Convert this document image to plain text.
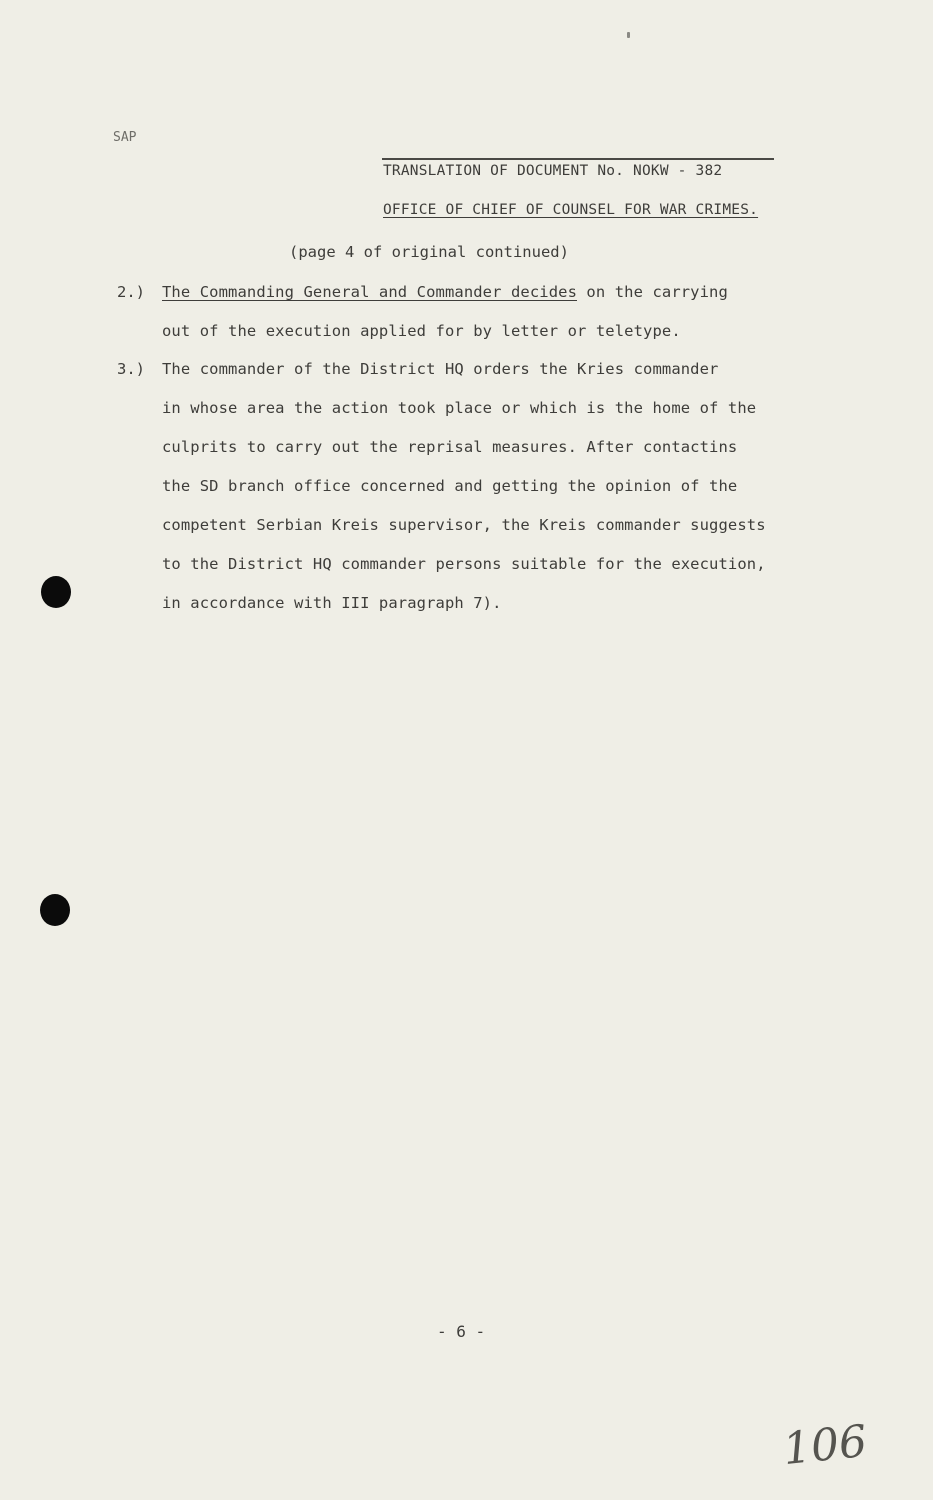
SAP
TRANSLATION OF DOCUMENT No. NOKW - 382
OFFICE OF CHIEF OF COUNSEL FOR WAR CRIMES.
(page 4 of original continued)
2.) The Commanding General and Commander decides on the carrying
out of the execution applied for by letter or teletype.
3.) The commander of the District HQ orders the Kries commander
in whose area the action took place or which is the home of the
culprits to carry out the reprisal measures. After contactins
the SD branch office concerned and getting the opinion of the
competent Serbian Kreis supervisor, the Kreis commander suggests
to the District HQ commander persons suitable for the execution,
in accordance with III paragraph 7).
- 6 -
106
